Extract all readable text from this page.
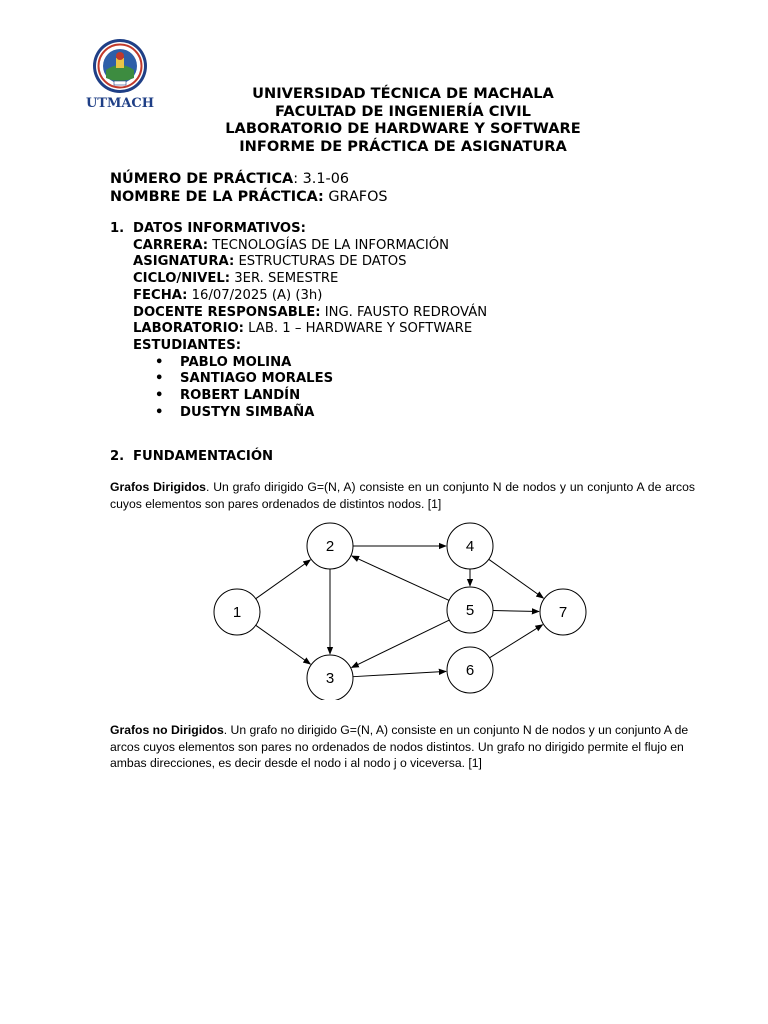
UTMACH
UNIVERSIDAD TÉCNICA DE MACHALA
FACULTAD DE INGENIERÍA CIVIL
LABORATORIO DE HARDWARE Y SOFTWARE
INFORME DE PRÁCTICA DE ASIGNATURA
NÚMERO DE PRÁCTICA: 3.1-06
NOMBRE DE LA PRÁCTICA: GRAFOS
1. DATOS INFORMATIVOS:
CARRERA: TECNOLOGÍAS DE LA INFORMACIÓN
ASIGNATURA: ESTRUCTURAS DE DATOS
CICLO/NIVEL: 3ER. SEMESTRE
FECHA: 16/07/2025 (A) (3h)
DOCENTE RESPONSABLE: ING. FAUSTO REDROVÁN
LABORATORIO: LAB. 1 – HARDWARE Y SOFTWARE
ESTUDIANTES:
• PABLO MOLINA
• SANTIAGO MORALES
• ROBERT LANDÍN
• DUSTYN SIMBAÑA
2. FUNDAMENTACIÓN
Grafos Dirigidos. Un grafo dirigido G=(N, A) consiste en un conjunto N de nodos y un conjunto A de arcos cuyos elementos son pares ordenados de distintos nodos. [1]
1
2
3
4
5
6
7
Grafos no Dirigidos. Un grafo no dirigido G=(N, A) consiste en un conjunto N de nodos y un conjunto A de arcos cuyos elementos son pares no ordenados de nodos distintos. Un grafo no dirigido permite el flujo en ambas direcciones, es decir desde el nodo i al nodo j o viceversa. [1]
